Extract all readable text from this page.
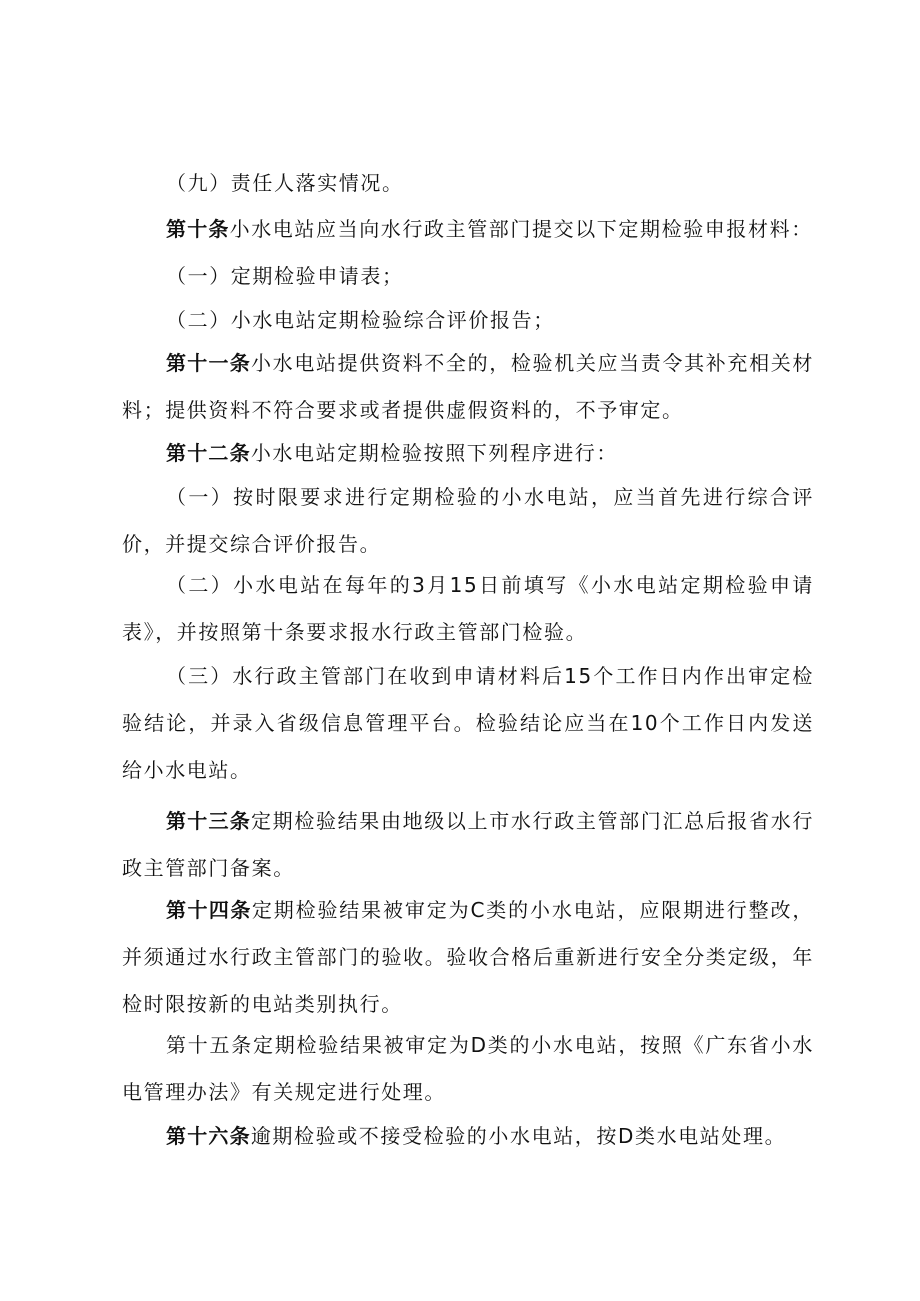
（九）责任人落实情况。

第十条小水电站应当向水行政主管部门提交以下定期检验申报材料：

（一）定期检验申请表；

（二）小水电站定期检验综合评价报告；

第十一条小水电站提供资料不全的，检验机关应当责令其补充相关材料；提供资料不符合要求或者提供虚假资料的，不予审定。

第十二条小水电站定期检验按照下列程序进行：

（一）按时限要求进行定期检验的小水电站，应当首先进行综合评价，并提交综合评价报告。

（二）小水电站在每年的3月15日前填写《小水电站定期检验申请表》，并按照第十条要求报水行政主管部门检验。

（三）水行政主管部门在收到申请材料后15个工作日内作出审定检验结论，并录入省级信息管理平台。检验结论应当在10个工作日内发送给小水电站。

第十三条定期检验结果由地级以上市水行政主管部门汇总后报省水行政主管部门备案。

第十四条定期检验结果被审定为C类的小水电站，应限期进行整改，并须通过水行政主管部门的验收。验收合格后重新进行安全分类定级，年检时限按新的电站类别执行。

第十五条定期检验结果被审定为D类的小水电站，按照《广东省小水电管理办法》有关规定进行处理。

第十六条逾期检验或不接受检验的小水电站，按D类水电站处理。
